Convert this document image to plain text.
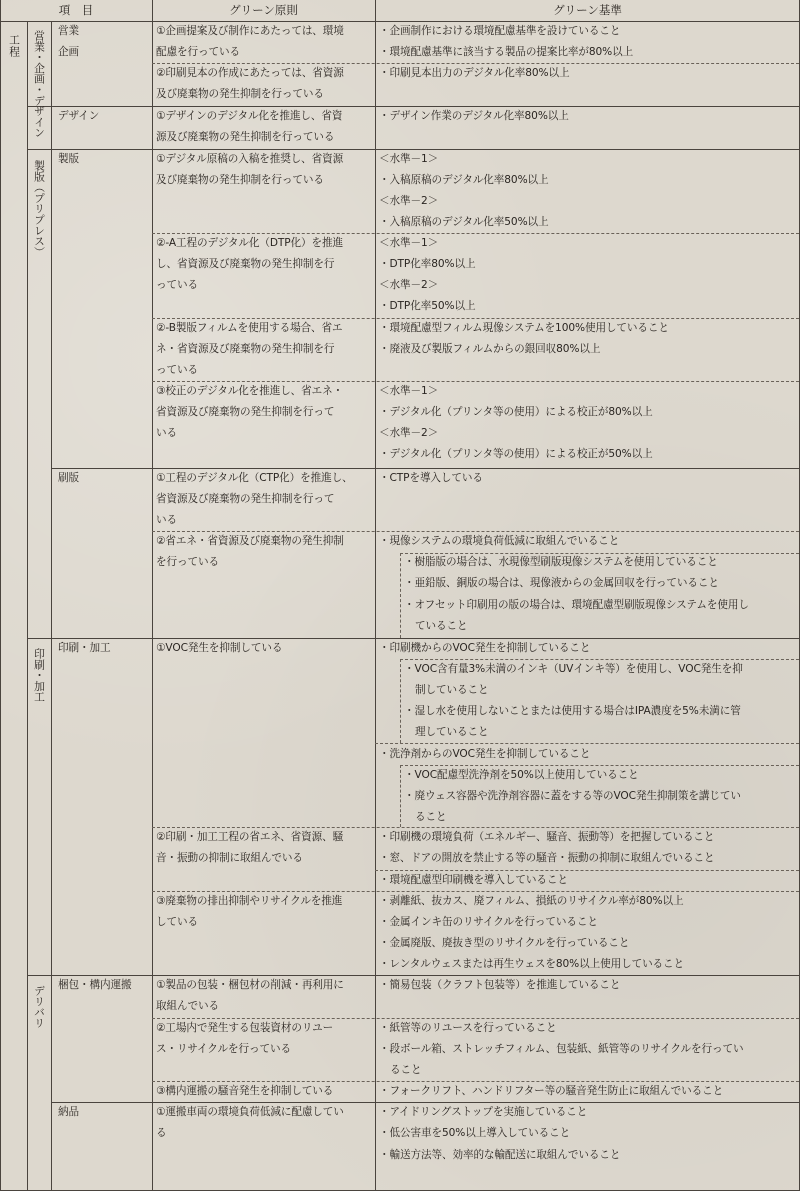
項　目	グリーン原則	グリーン基準
工程 営業・企画・デザイン
製版（プリプレス）
印刷・加工
デリバリ
営業
企画
デザイン
製版
刷版
印刷・加工
梱包・構内運搬
納品
①企画提案及び制作にあたっては、環境
配慮を行っている
②印刷見本の作成にあたっては、省資源
及び廃棄物の発生抑制を行っている
①デザインのデジタル化を推進し、省資
源及び廃棄物の発生抑制を行っている
①デジタル原稿の入稿を推奨し、省資源
及び廃棄物の発生抑制を行っている
②-A工程のデジタル化（DTP化）を推進
し、省資源及び廃棄物の発生抑制を行
っている
②-B製版フィルムを使用する場合、省エ
ネ・省資源及び廃棄物の発生抑制を行
っている
③校正のデジタル化を推進し、省エネ・
省資源及び廃棄物の発生抑制を行って
いる
①工程のデジタル化（CTP化）を推進し、
省資源及び廃棄物の発生抑制を行って
いる
②省エネ・省資源及び廃棄物の発生抑制
を行っている
①VOC発生を抑制している
②印刷・加工工程の省エネ、省資源、騒
音・振動の抑制に取組んでいる
③廃棄物の排出抑制やリサイクルを推進
している
①製品の包装・梱包材の削減・再利用に
取組んでいる
②工場内で発生する包装資材のリユー
ス・リサイクルを行っている
③構内運搬の騒音発生を抑制している
①運搬車両の環境負荷低減に配慮してい
る
・企画制作における環境配慮基準を設けていること
・環境配慮基準に該当する製品の提案比率が80%以上
・印刷見本出力のデジタル化率80%以上
・デザイン作業のデジタル化率80%以上
＜水準－1＞
・入稿原稿のデジタル化率80%以上
＜水準－2＞
・入稿原稿のデジタル化率50%以上
＜水準－1＞
・DTP化率80%以上
＜水準－2＞
・DTP化率50%以上
・環境配慮型フィルム現像システムを100%使用していること
・廃液及び製版フィルムからの銀回収80%以上
＜水準－1＞
・デジタル化（プリンタ等の使用）による校正が80%以上
＜水準－2＞
・デジタル化（プリンタ等の使用）による校正が50%以上
・CTPを導入している
・現像システムの環境負荷低減に取組んでいること
・樹脂版の場合は、水現像型刷版現像システムを使用していること
・亜鉛版、銅版の場合は、現像液からの金属回収を行っていること
・オフセット印刷用の版の場合は、環境配慮型刷版現像システムを使用し
ていること
・印刷機からのVOC発生を抑制していること
・VOC含有量3%未満のインキ（UVインキ等）を使用し、VOC発生を抑
制していること
・湿し水を使用しないことまたは使用する場合はIPA濃度を5%未満に管
理していること
・洗浄剤からのVOC発生を抑制していること
・VOC配慮型洗浄剤を50%以上使用していること
・廃ウェス容器や洗浄剤容器に蓋をする等のVOC発生抑制策を講じてい
ること
・印刷機の環境負荷（エネルギー、騒音、振動等）を把握していること
・窓、ドアの開放を禁止する等の騒音・振動の抑制に取組んでいること
・環境配慮型印刷機を導入していること
・剥離紙、抜カス、廃フィルム、損紙のリサイクル率が80%以上
・金属インキ缶のリサイクルを行っていること
・金属廃版、廃抜き型のリサイクルを行っていること
・レンタルウェスまたは再生ウェスを80%以上使用していること
・簡易包装（クラフト包装等）を推進していること
・紙管等のリユースを行っていること
・段ボール箱、ストレッチフィルム、包装紙、紙管等のリサイクルを行ってい
ること
・フォークリフト、ハンドリフター等の騒音発生防止に取組んでいること
・アイドリングストップを実施していること
・低公害車を50%以上導入していること
・輸送方法等、効率的な輸配送に取組んでいること
